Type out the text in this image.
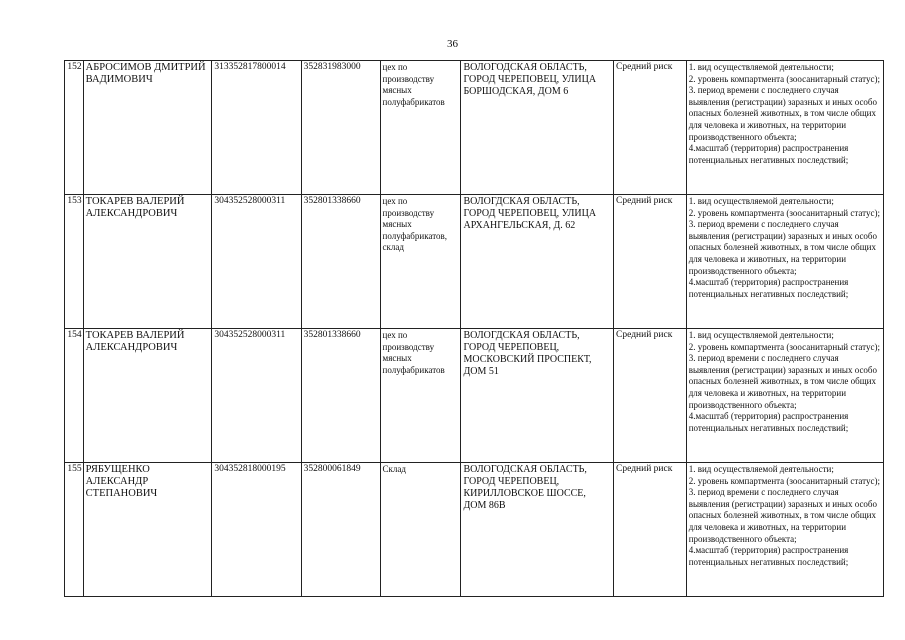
36
152	АБРОСИМОВ ДМИТРИЙ ВАДИМОВИЧ	313352817800014	352831983000	цех по производству мясных полуфабрикатов	ВОЛОГОДСКАЯ ОБЛАСТЬ, ГОРОД ЧЕРЕПОВЕЦ, УЛИЦА БОРШОДСКАЯ, ДОМ 6	Средний риск	1. вид осуществляемой деятельности;
2. уровень компартмента (зоосанитарный статус);
3. период времени с последнего случая выявления (регистрации) заразных и иных особо опасных болезней животных, в том числе общих для человека и животных, на территории производственного объекта;
4.масштаб (территория) распространения потенциальных негативных последствий;

153	ТОКАРЕВ ВАЛЕРИЙ АЛЕКСАНДРОВИЧ	304352528000311	352801338660	цех по производству мясных полуфабрикатов, склад	ВОЛОГДСКАЯ ОБЛАСТЬ, ГОРОД ЧЕРЕПОВЕЦ, УЛИЦА АРХАНГЕЛЬСКАЯ, Д. 62	Средний риск	1. вид осуществляемой деятельности;
2. уровень компартмента (зоосанитарный статус);
3. период времени с последнего случая выявления (регистрации) заразных и иных особо опасных болезней животных, в том числе общих для человека и животных, на территории производственного объекта;
4.масштаб (территория) распространения потенциальных негативных последствий;

154	ТОКАРЕВ ВАЛЕРИЙ АЛЕКСАНДРОВИЧ	304352528000311	352801338660	цех по производству мясных полуфабрикатов	ВОЛОГДСКАЯ ОБЛАСТЬ, ГОРОД ЧЕРЕПОВЕЦ, МОСКОВСКИЙ ПРОСПЕКТ, ДОМ 51	Средний риск	1. вид осуществляемой деятельности;
2. уровень компартмента (зоосанитарный статус);
3. период времени с последнего случая выявления (регистрации) заразных и иных особо опасных болезней животных, в том числе общих для человека и животных, на территории производственного объекта;
4.масштаб (территория) распространения потенциальных негативных последствий;

155	РЯБУЩЕНКО АЛЕКСАНДР СТЕПАНОВИЧ	304352818000195	352800061849	Склад	ВОЛОГОДСКАЯ ОБЛАСТЬ, ГОРОД ЧЕРЕПОВЕЦ, КИРИЛЛОВСКОЕ ШОССЕ, ДОМ 86В	Средний риск	1. вид осуществляемой деятельности;
2. уровень компартмента (зоосанитарный статус);
3. период времени с последнего случая выявления (регистрации) заразных и иных особо опасных болезней животных, в том числе общих для человека и животных, на территории производственного объекта;
4.масштаб (территория) распространения потенциальных негативных последствий;
